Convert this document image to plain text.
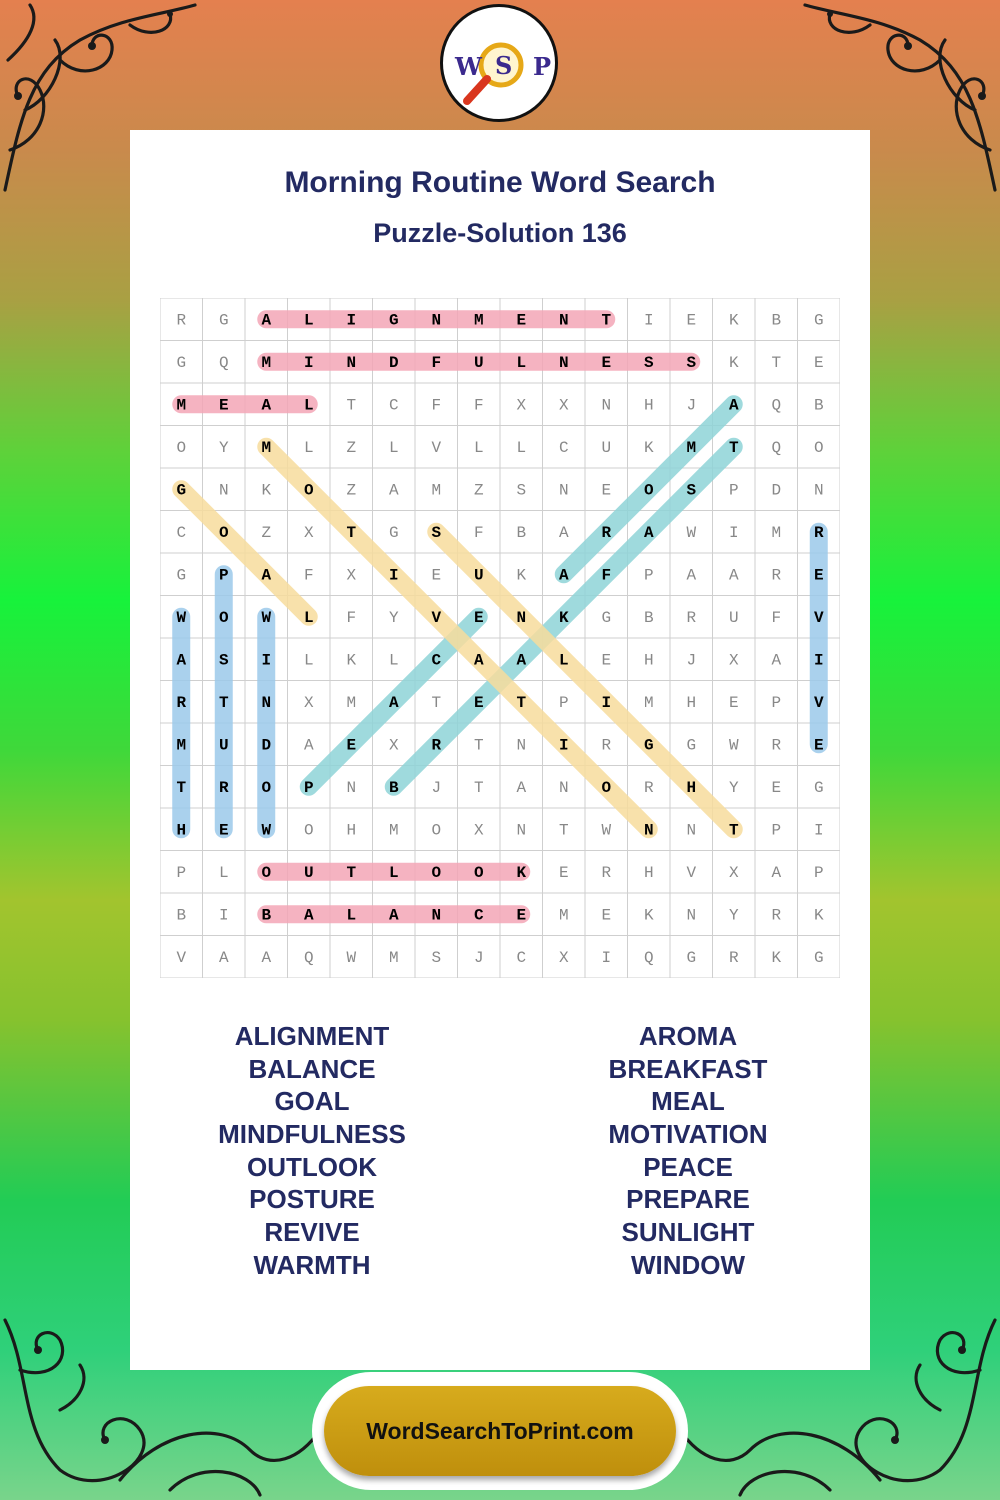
W S P
Morning Routine Word Search
Puzzle-Solution 136
R G A L I G N M E N T I E K B G
G Q M I N D F U L N E S S K T E
M E A L T C F F X X N H J A Q B
O Y M L Z L V L L C U K M T Q O
G N K O Z A M Z S N E O S P D N
C O Z X T G S F B A R A W I M R
G P A F X I E U K A F P A A R E
W O W L F Y V E N K G B R U F V
A S I L K L C A A L E H J X A I
R T N X M A T E T P I M H E P V
M U D A E X R T N I R G G W R E
T R O P N B J T A N O R H Y E G
H E W O H M O X N T W N N T P I
P L O U T L O O K E R H V X A P
B I B A L A N C E M E K N Y R K
V A A Q W M S J C X I Q G R K G
ALIGNMENT
BALANCE
GOAL
MINDFULNESS
OUTLOOK
POSTURE
REVIVE
WARMTH
AROMA
BREAKFAST
MEAL
MOTIVATION
PEACE
PREPARE
SUNLIGHT
WINDOW
WordSearchToPrint.com
